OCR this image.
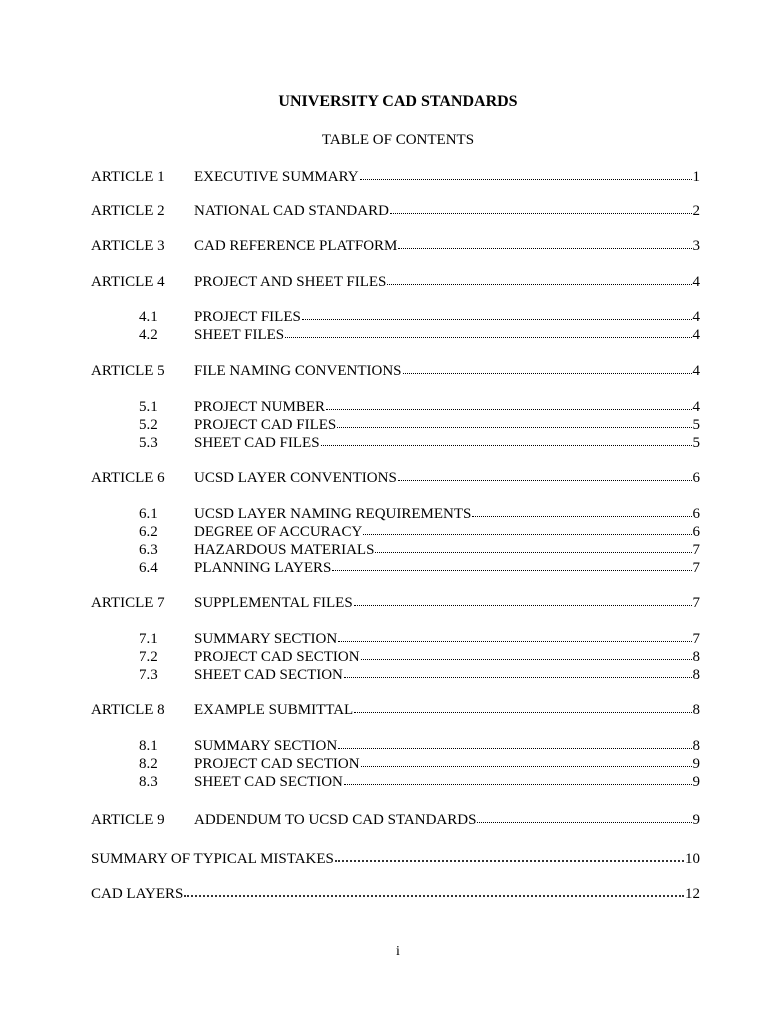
UNIVERSITY CAD STANDARDS
TABLE OF CONTENTS
ARTICLE 1	EXECUTIVE SUMMARY	1
ARTICLE 2	NATIONAL CAD STANDARD	2
ARTICLE 3	CAD REFERENCE PLATFORM	3
ARTICLE 4	PROJECT AND SHEET FILES	4
4.1	PROJECT FILES	4
4.2	SHEET FILES	4
ARTICLE 5	FILE NAMING CONVENTIONS	4
5.1	PROJECT NUMBER	4
5.2	PROJECT CAD FILES	5
5.3	SHEET CAD FILES	5
ARTICLE 6	UCSD LAYER CONVENTIONS	6
6.1	UCSD LAYER NAMING REQUIREMENTS	6
6.2	DEGREE OF ACCURACY	6
6.3	HAZARDOUS MATERIALS	7
6.4	PLANNING LAYERS	7
ARTICLE 7	SUPPLEMENTAL FILES	7
7.1	SUMMARY SECTION	7
7.2	PROJECT CAD SECTION	8
7.3	SHEET CAD SECTION	8
ARTICLE 8	EXAMPLE SUBMITTAL	8
8.1	SUMMARY SECTION	8
8.2	PROJECT CAD SECTION	9
8.3	SHEET CAD SECTION	9
ARTICLE 9	ADDENDUM TO UCSD CAD STANDARDS	9
SUMMARY OF TYPICAL MISTAKES	10
CAD LAYERS	12
i
